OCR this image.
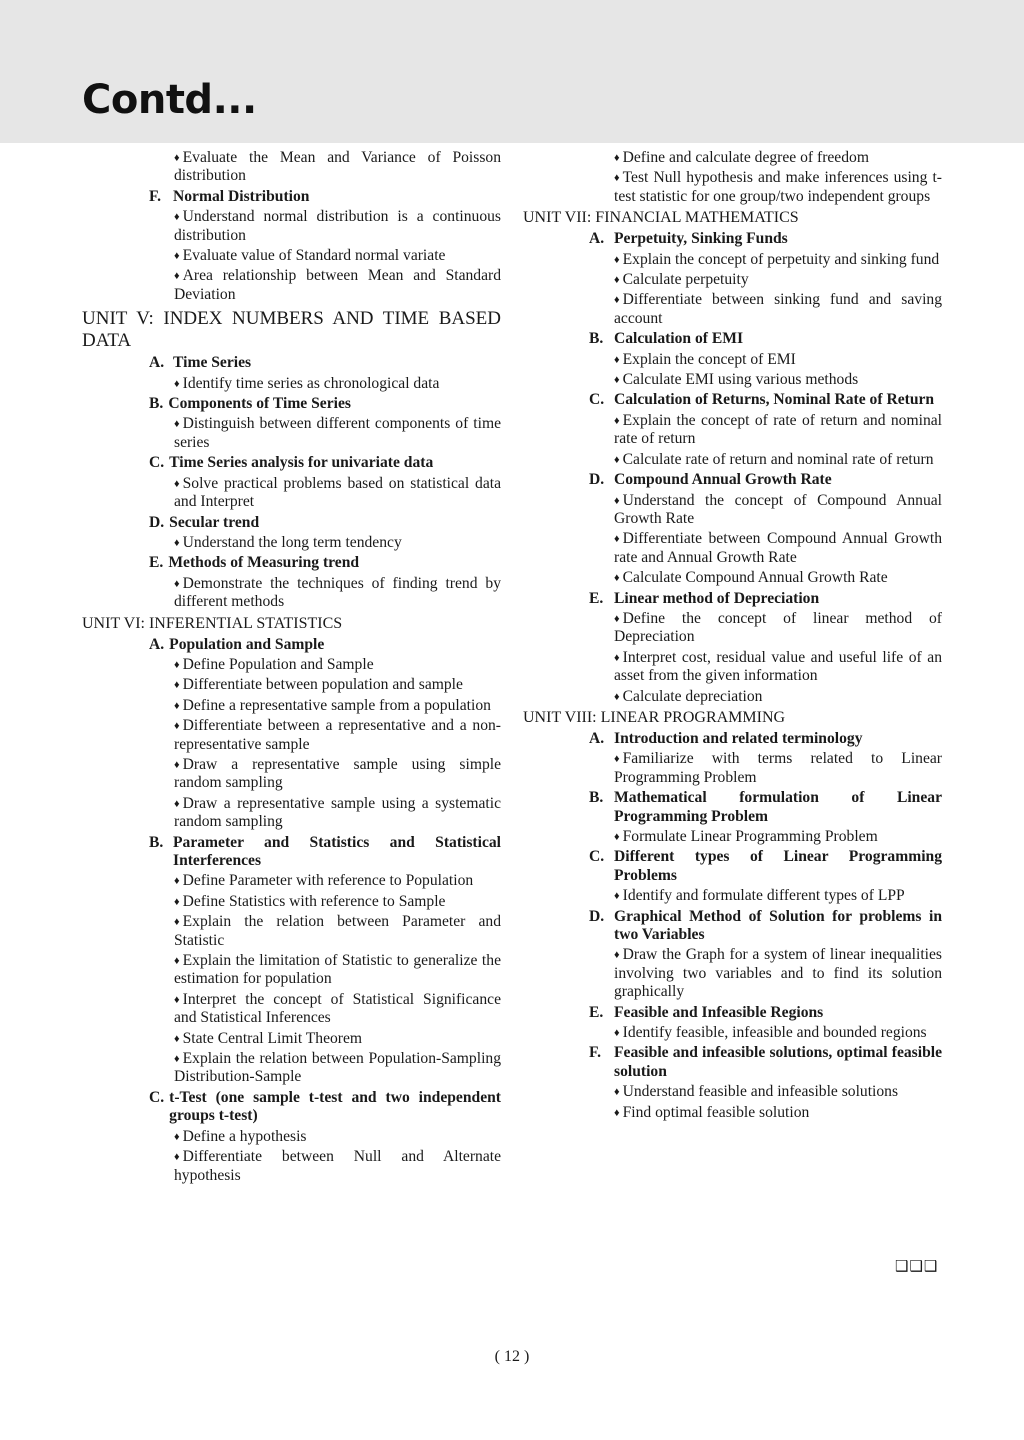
Contd...
♦ Evaluate the Mean and Variance of Poisson distribution
F. Normal Distribution
♦ Understand normal distribution is a continuous distribution
♦ Evaluate value of Standard normal variate
♦ Area relationship between Mean and Standard Deviation
UNIT V: INDEX NUMBERS AND TIME BASED DATA
A. Time Series
♦ Identify time series as chronological data
B. Components of Time Series
♦ Distinguish between different components of time series
C. Time Series analysis for univariate data
♦ Solve practical problems based on statistical data and Interpret
D. Secular trend
♦ Understand the long term tendency
E. Methods of Measuring trend
♦ Demonstrate the techniques of finding trend by different methods
UNIT VI: INFERENTIAL STATISTICS
A. Population and Sample
♦ Define Population and Sample
♦ Differentiate between population and sample
♦ Define a representative sample from a population
♦ Differentiate between a representative and a non-representative sample
♦ Draw a representative sample using simple random sampling
♦ Draw a representative sample using a systematic random sampling
B. Parameter and Statistics and Statistical Interferences
♦ Define Parameter with reference to Population
♦ Define Statistics with reference to Sample
♦ Explain the relation between Parameter and Statistic
♦ Explain the limitation of Statistic to generalize the estimation for population
♦ Interpret the concept of Statistical Significance and Statistical Inferences
♦ State Central Limit Theorem
♦ Explain the relation between Population-Sampling Distribution-Sample
C. t-Test (one sample t-test and two independent groups t-test)
♦ Define a hypothesis
♦ Differentiate between Null and Alternate hypothesis
♦ Define and calculate degree of freedom
♦ Test Null hypothesis and make inferences using t-test statistic for one group/two independent groups
UNIT VII: FINANCIAL MATHEMATICS
A. Perpetuity, Sinking Funds
♦ Explain the concept of perpetuity and sinking fund
♦ Calculate perpetuity
♦ Differentiate between sinking fund and saving account
B. Calculation of EMI
♦ Explain the concept of EMI
♦ Calculate EMI using various methods
C. Calculation of Returns, Nominal Rate of Return
♦ Explain the concept of rate of return and nominal rate of return
♦ Calculate rate of return and nominal rate of return
D. Compound Annual Growth Rate
♦ Understand the concept of Compound Annual Growth Rate
♦ Differentiate between Compound Annual Growth rate and Annual Growth Rate
♦ Calculate Compound Annual Growth Rate
E. Linear method of Depreciation
♦ Define the concept of linear method of Depreciation
♦ Interpret cost, residual value and useful life of an asset from the given information
♦ Calculate depreciation
UNIT VIII: LINEAR PROGRAMMING
A. Introduction and related terminology
♦ Familiarize with terms related to Linear Programming Problem
B. Mathematical formulation of Linear Programming Problem
♦ Formulate Linear Programming Problem
C. Different types of Linear Programming Problems
♦ Identify and formulate different types of LPP
D. Graphical Method of Solution for problems in two Variables
♦ Draw the Graph for a system of linear inequalities involving two variables and to find its solution graphically
E. Feasible and Infeasible Regions
♦ Identify feasible, infeasible and bounded regions
F. Feasible and infeasible solutions, optimal feasible solution
♦ Understand feasible and infeasible solutions
♦ Find optimal feasible solution
❑❑❑
( 12 )
